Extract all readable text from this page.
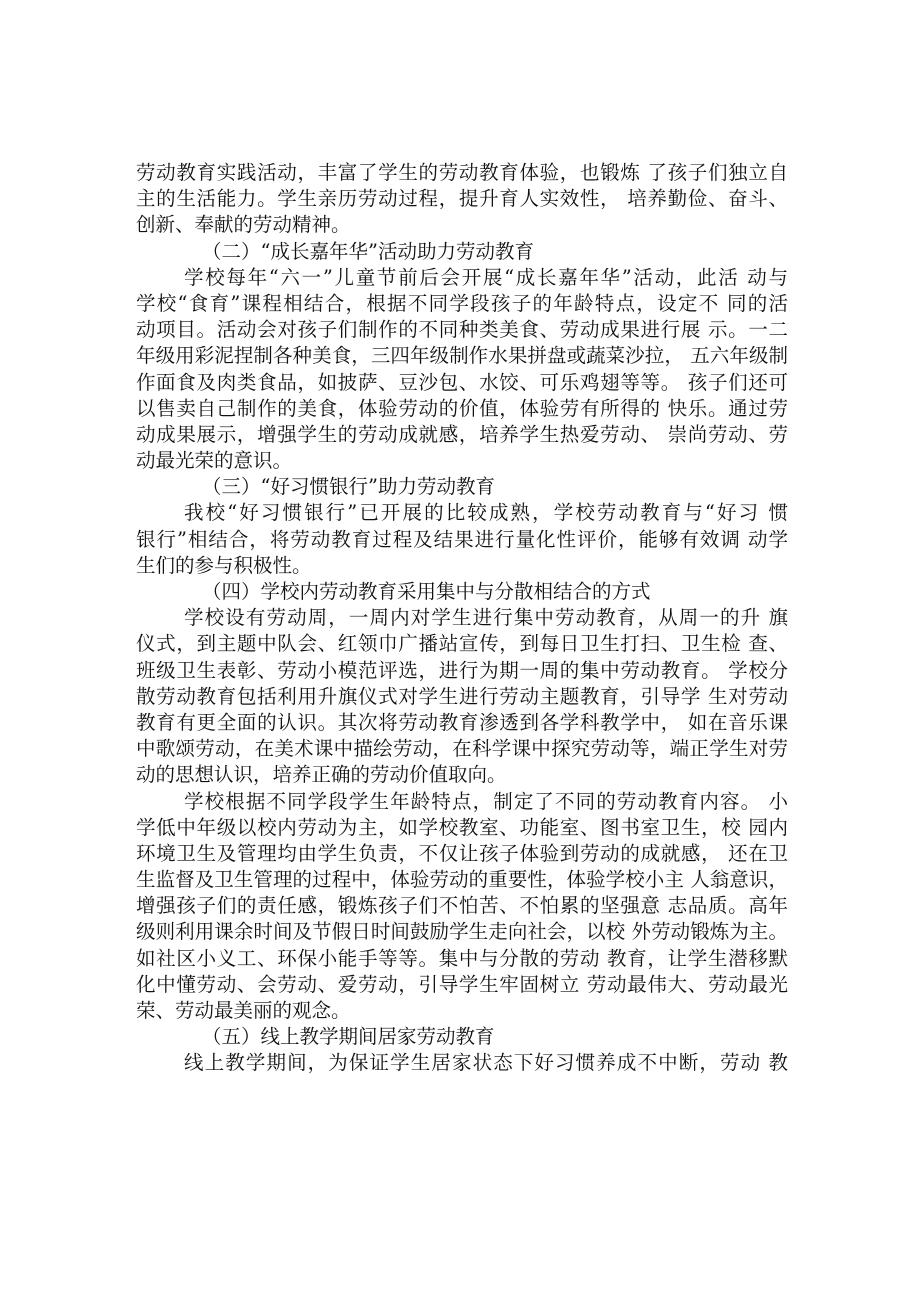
劳动教育实践活动，丰富了学生的劳动教育体验，也锻炼 了孩子们独立自
主的生活能力。学生亲历劳动过程，提升育人实效性， 培养勤俭、奋斗、
创新、奉献的劳动精神。
（二）“成长嘉年华”活动助力劳动教育
学校每年“六一”儿童节前后会开展“成长嘉年华”活动，此活 动与
学校“食育”课程相结合，根据不同学段孩子的年龄特点，设定不 同的活
动项目。活动会对孩子们制作的不同种类美食、劳动成果进行展 示。一二
年级用彩泥捏制各种美食，三四年级制作水果拼盘或蔬菜沙拉， 五六年级制
作面食及肉类食品，如披萨、豆沙包、水饺、可乐鸡翅等等。 孩子们还可
以售卖自己制作的美食，体验劳动的价值，体验劳有所得的 快乐。通过劳
动成果展示，增强学生的劳动成就感，培养学生热爱劳动、 崇尚劳动、劳
动最光荣的意识。
（三）“好习惯银行”助力劳动教育
我校“好习惯银行”已开展的比较成熟，学校劳动教育与“好习 惯
银行”相结合，将劳动教育过程及结果进行量化性评价，能够有效调 动学
生们的参与积极性。
（四）学校内劳动教育采用集中与分散相结合的方式
学校设有劳动周，一周内对学生进行集中劳动教育，从周一的升 旗
仪式，到主题中队会、红领巾广播站宣传，到每日卫生打扫、卫生检 查、
班级卫生表彰、劳动小模范评选，进行为期一周的集中劳动教育。 学校分
散劳动教育包括利用升旗仪式对学生进行劳动主题教育，引导学 生对劳动
教育有更全面的认识。其次将劳动教育渗透到各学科教学中， 如在音乐课
中歌颂劳动，在美术课中描绘劳动，在科学课中探究劳动等，端正学生对劳
动的思想认识，培养正确的劳动价值取向。
学校根据不同学段学生年龄特点，制定了不同的劳动教育内容。 小
学低中年级以校内劳动为主，如学校教室、功能室、图书室卫生，校 园内
环境卫生及管理均由学生负责，不仅让孩子体验到劳动的成就感， 还在卫
生监督及卫生管理的过程中，体验劳动的重要性，体验学校小主 人翁意识，
增强孩子们的责任感，锻炼孩子们不怕苦、不怕累的坚强意 志品质。高年
级则利用课余时间及节假日时间鼓励学生走向社会，以校 外劳动锻炼为主。
如社区小义工、环保小能手等等。集中与分散的劳动 教育，让学生潜移默
化中懂劳动、会劳动、爱劳动，引导学生牢固树立 劳动最伟大、劳动最光
荣、劳动最美丽的观念。
（五）线上教学期间居家劳动教育
线上教学期间，为保证学生居家状态下好习惯养成不中断，劳动 教
